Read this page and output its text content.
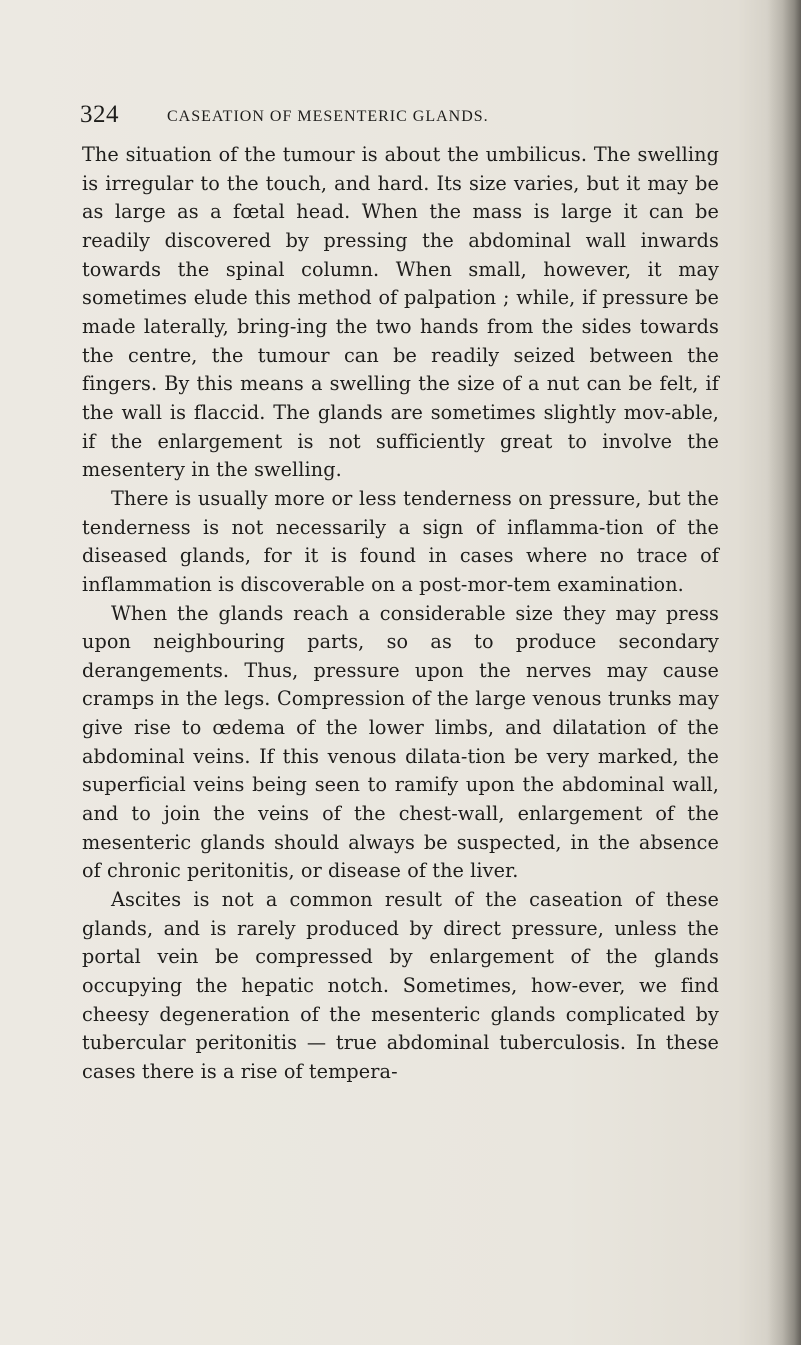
324	CASEATION OF MESENTERIC GLANDS.

The situation of the tumour is about the umbilicus. The swelling is irregular to the touch, and hard. Its size varies, but it may be as large as a fœtal head. When the mass is large it can be readily discovered by pressing the abdominal wall inwards towards the spinal column. When small, however, it may sometimes elude this method of palpation ; while, if pressure be made laterally, bring-ing the two hands from the sides towards the centre, the tumour can be readily seized between the fingers. By this means a swelling the size of a nut can be felt, if the wall is flaccid. The glands are sometimes slightly mov-able, if the enlargement is not sufficiently great to involve the mesentery in the swelling.

There is usually more or less tenderness on pressure, but the tenderness is not necessarily a sign of inflamma-tion of the diseased glands, for it is found in cases where no trace of inflammation is discoverable on a post-mor-tem examination.

When the glands reach a considerable size they may press upon neighbouring parts, so as to produce secondary derangements. Thus, pressure upon the nerves may cause cramps in the legs. Compression of the large venous trunks may give rise to œdema of the lower limbs, and dilatation of the abdominal veins. If this venous dilata-tion be very marked, the superficial veins being seen to ramify upon the abdominal wall, and to join the veins of the chest-wall, enlargement of the mesenteric glands should always be suspected, in the absence of chronic peritonitis, or disease of the liver.

Ascites is not a common result of the caseation of these glands, and is rarely produced by direct pressure, unless the portal vein be compressed by enlargement of the glands occupying the hepatic notch. Sometimes, how-ever, we find cheesy degeneration of the mesenteric glands complicated by tubercular peritonitis — true abdominal tuberculosis. In these cases there is a rise of tempera-
